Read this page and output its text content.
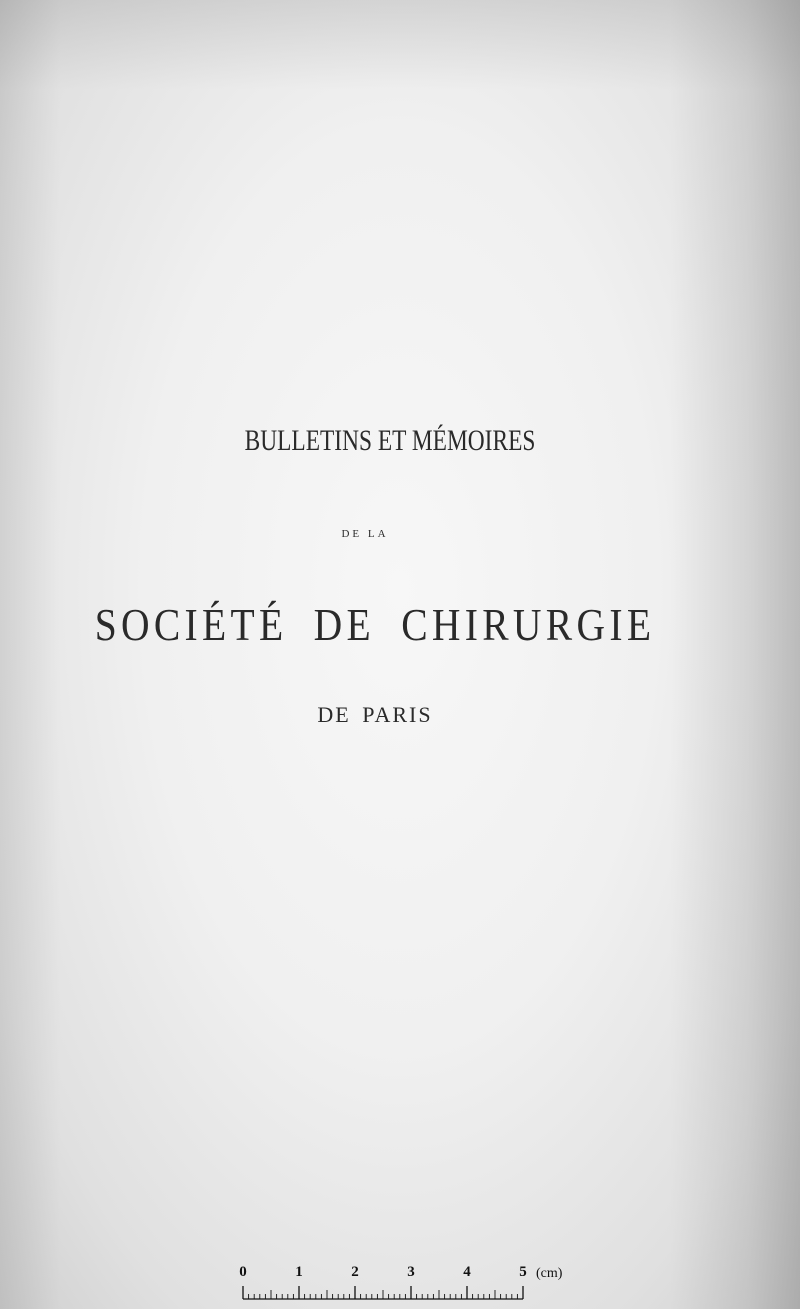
BULLETINS ET MÉMOIRES
DE LA
SOCIÉTÉ DE CHIRURGIE
DE PARIS
0	1	2	3	4	5 (cm)
